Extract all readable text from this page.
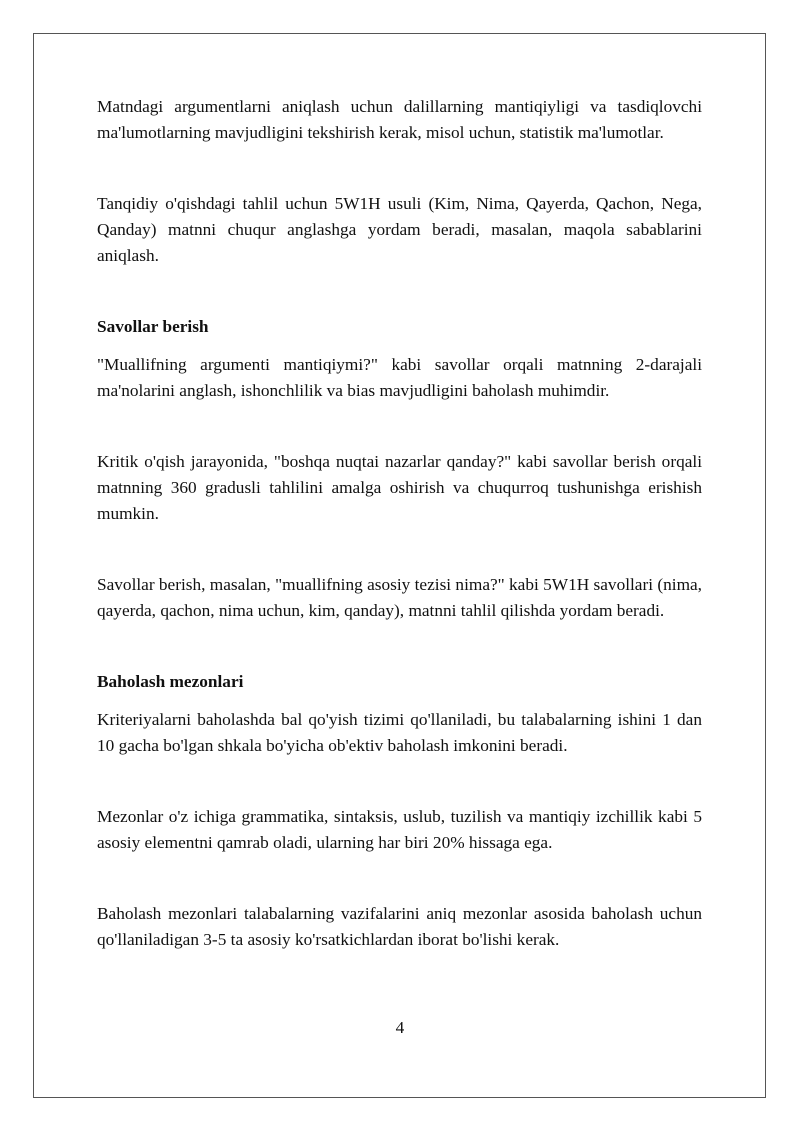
Matndagi argumentlarni aniqlash uchun dalillarning mantiqiyligi va tasdiqlovchi ma'lumotlarning mavjudligini tekshirish kerak, misol uchun, statistik ma'lumotlar.

Tanqidiy o'qishdagi tahlil uchun 5W1H usuli (Kim, Nima, Qayerda, Qachon, Nega, Qanday) matnni chuqur anglashga yordam beradi, masalan, maqola sabablarini aniqlash.

Savollar berish

"Muallifning argumenti mantiqiymi?" kabi savollar orqali matnning 2-darajali ma'nolarini anglash, ishonchlilik va bias mavjudligini baholash muhimdir.

Kritik o'qish jarayonida, "boshqa nuqtai nazarlar qanday?" kabi savollar berish orqali matnning 360 gradusli tahlilini amalga oshirish va chuqurroq tushunishga erishish mumkin.

Savollar berish, masalan, "muallifning asosiy tezisi nima?" kabi 5W1H savollari (nima, qayerda, qachon, nima uchun, kim, qanday), matnni tahlil qilishda yordam beradi.

Baholash mezonlari

Kriteriyalarni baholashda bal qo'yish tizimi qo'llaniladi, bu talabalarning ishini 1 dan 10 gacha bo'lgan shkala bo'yicha ob'ektiv baholash imkonini beradi.

Mezonlar o'z ichiga grammatika, sintaksis, uslub, tuzilish va mantiqiy izchillik kabi 5 asosiy elementni qamrab oladi, ularning har biri 20% hissaga ega.

Baholash mezonlari talabalarning vazifalarini aniq mezonlar asosida baholash uchun qo'llaniladigan 3-5 ta asosiy ko'rsatkichlardan iborat bo'lishi kerak.

4
